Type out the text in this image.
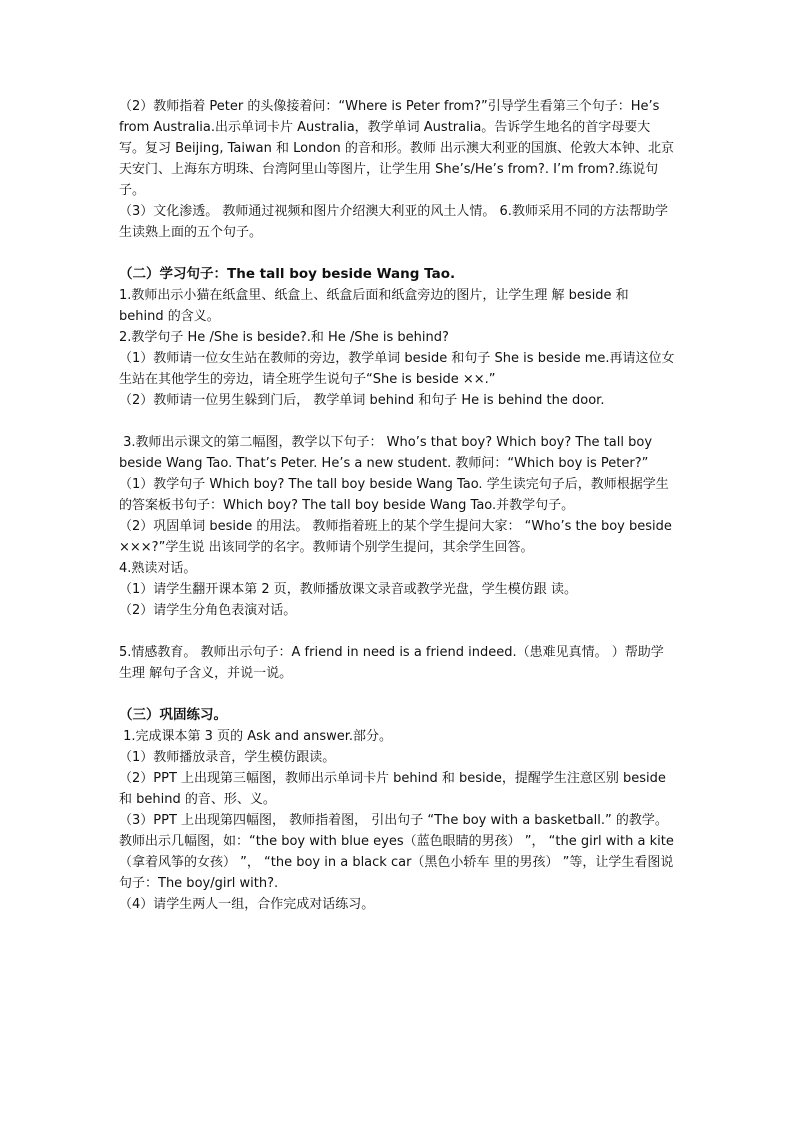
（2）教师指着 Peter 的头像接着问：“Where is Peter from?”引导学生看第三个句子：He’s from Australia.出示单词卡片 Australia，教学单词 Australia。告诉学生地名的首字母要大写。复习 Beijing, Taiwan 和 London 的音和形。教师 出示澳大利亚的国旗、伦敦大本钟、北京天安门、上海东方明珠、台湾阿里山等图片，让学生用 She’s/He’s from?. I’m from?.练说句子。

（3）文化渗透。 教师通过视频和图片介绍澳大利亚的风土人情。 6.教师采用不同的方法帮助学生读熟上面的五个句子。

（二）学习句子：The tall boy beside Wang Tao.

1.教师出示小猫在纸盒里、纸盒上、纸盒后面和纸盒旁边的图片，让学生理 解 beside 和 behind 的含义。

2.教学句子 He /She is beside?.和 He /She is behind?

（1）教师请一位女生站在教师的旁边，教学单词 beside 和句子 She is beside me.再请这位女生站在其他学生的旁边，请全班学生说句子“She is beside ××.”

（2）教师请一位男生躲到门后， 教学单词 behind 和句子 He is behind the door.

3.教师出示课文的第二幅图，教学以下句子： Who’s that boy? Which boy? The tall boy beside Wang Tao. That’s Peter. He’s a new student. 教师问：“Which boy is Peter?”

（1）教学句子 Which boy? The tall boy beside Wang Tao. 学生读完句子后，教师根据学生的答案板书句子：Which boy? The tall boy beside Wang Tao.并教学句子。

（2）巩固单词 beside 的用法。 教师指着班上的某个学生提问大家： “Who’s the boy beside ×××?”学生说 出该同学的名字。教师请个别学生提问，其余学生回答。

4.熟读对话。

（1）请学生翻开课本第 2 页，教师播放课文录音或教学光盘，学生模仿跟 读。

（2）请学生分角色表演对话。

5.情感教育。 教师出示句子：A friend in need is a friend indeed.（患难见真情。 ）帮助学生理 解句子含义，并说一说。

（三）巩固练习。

1.完成课本第 3 页的 Ask and answer.部分。

（1）教师播放录音，学生模仿跟读。

（2）PPT 上出现第三幅图，教师出示单词卡片 behind 和 beside，提醒学生注意区别 beside 和 behind 的音、形、义。

（3）PPT 上出现第四幅图， 教师指着图， 引出句子 “The boy with a basketball.” 的教学。教师出示几幅图，如：“the boy with blue eyes（蓝色眼睛的男孩） ”， “the girl with a kite（拿着风筝的女孩） ”， “the boy in a black car（黑色小轿车 里的男孩） ”等，让学生看图说句子：The boy/girl with?.

（4）请学生两人一组，合作完成对话练习。
